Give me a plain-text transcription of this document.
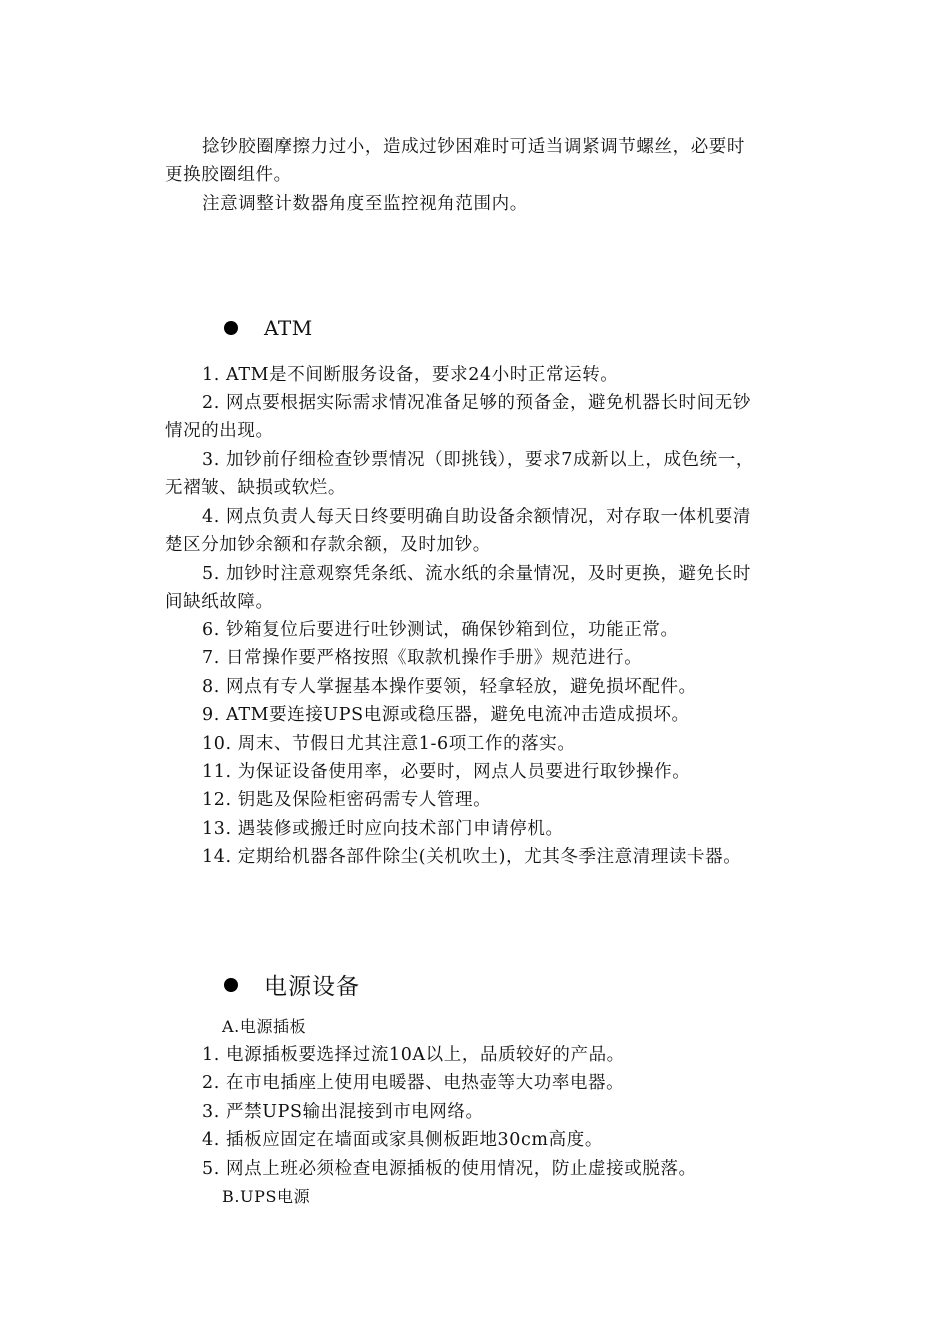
捻钞胶圈摩擦力过小，造成过钞困难时可适当调紧调节螺丝，必要时
更换胶圈组件。
注意调整计数器角度至监控视角范围内。
ATM
1. ATM是不间断服务设备，要求24小时正常运转。
2. 网点要根据实际需求情况准备足够的预备金，避免机器长时间无钞
情况的出现。
3. 加钞前仔细检查钞票情况（即挑钱），要求7成新以上，成色统一，
无褶皱、缺损或软烂。
4. 网点负责人每天日终要明确自助设备余额情况，对存取一体机要清
楚区分加钞余额和存款余额，及时加钞。
5. 加钞时注意观察凭条纸、流水纸的余量情况，及时更换，避免长时
间缺纸故障。
6. 钞箱复位后要进行吐钞测试，确保钞箱到位，功能正常。
7. 日常操作要严格按照《取款机操作手册》规范进行。
8. 网点有专人掌握基本操作要领，轻拿轻放，避免损坏配件。
9. ATM要连接UPS电源或稳压器，避免电流冲击造成损坏。
10. 周末、节假日尤其注意1-6项工作的落实。
11. 为保证设备使用率，必要时，网点人员要进行取钞操作。
12. 钥匙及保险柜密码需专人管理。
13. 遇装修或搬迁时应向技术部门申请停机。
14. 定期给机器各部件除尘(关机吹土)，尤其冬季注意清理读卡器。
电源设备
A.电源插板
1. 电源插板要选择过流10A以上，品质较好的产品。
2. 在市电插座上使用电暖器、电热壶等大功率电器。
3. 严禁UPS输出混接到市电网络。
4. 插板应固定在墙面或家具侧板距地30cm高度。
5. 网点上班必须检查电源插板的使用情况，防止虚接或脱落。
B.UPS电源
